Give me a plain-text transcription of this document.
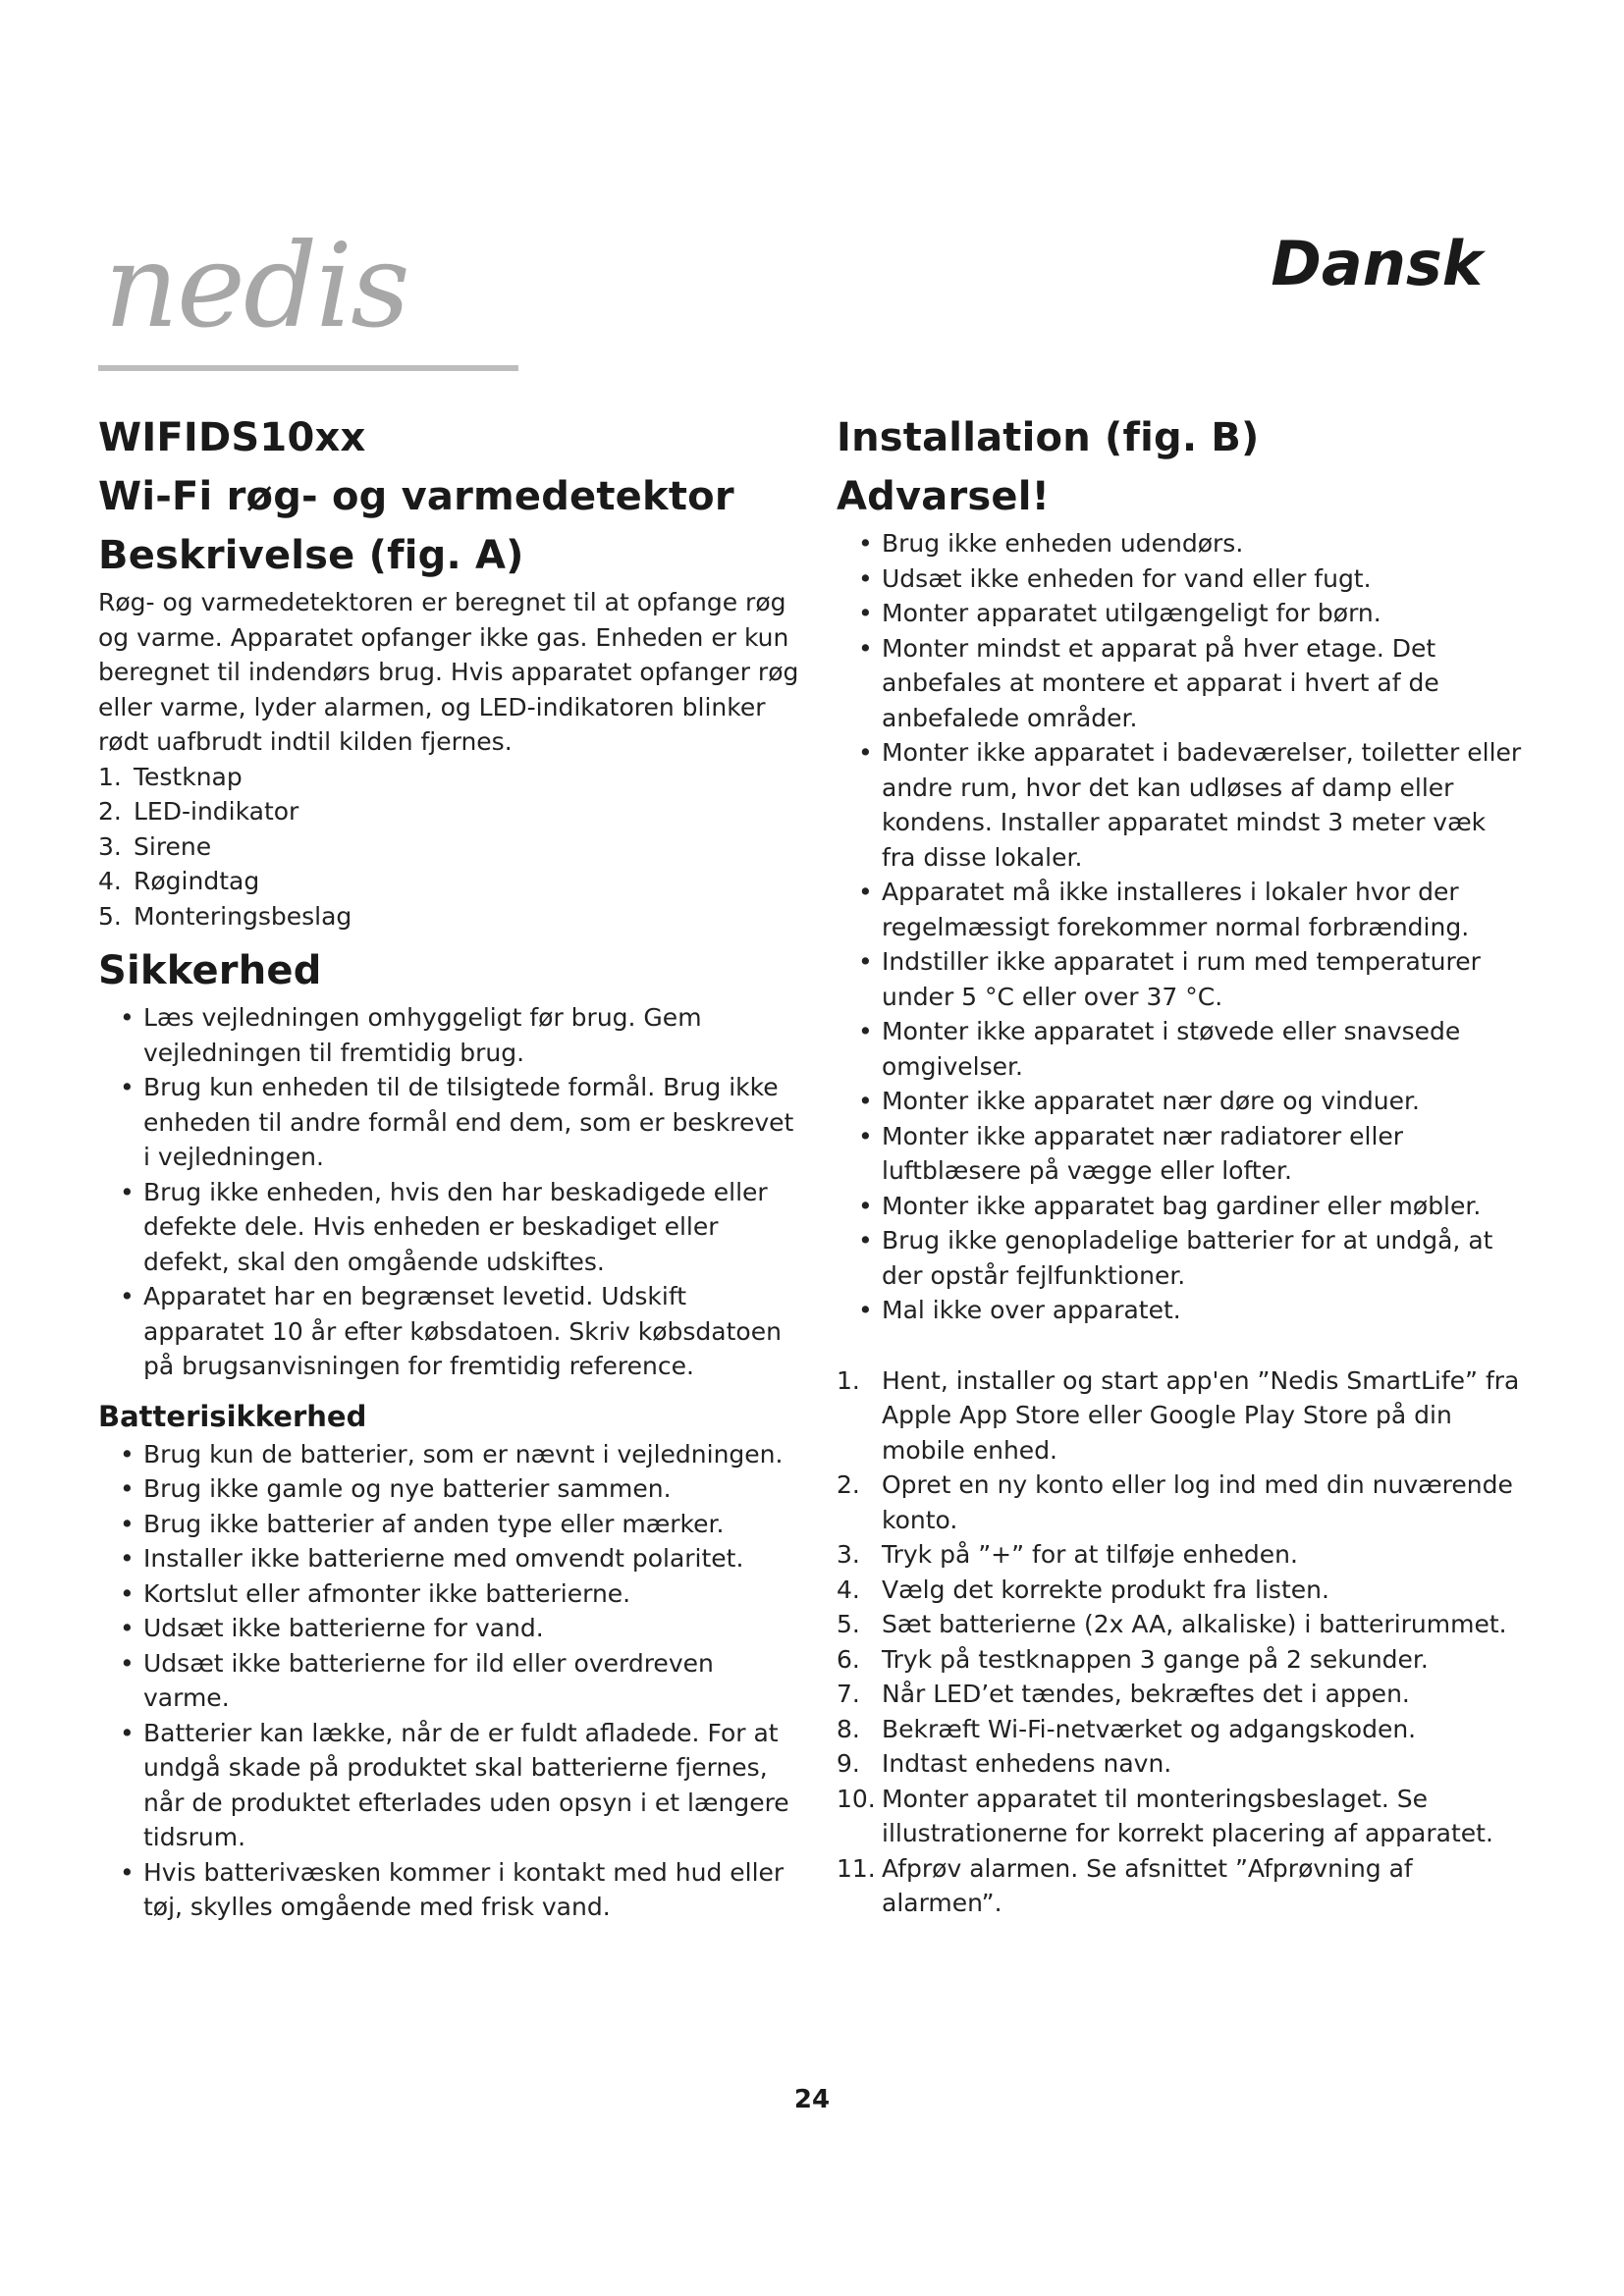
nedis	Dansk
WIFIDS10xx
Wi-Fi røg- og varmedetektor
Beskrivelse (fig. A)

Røg- og varmedetektoren er beregnet til at opfange røg og varme. Apparatet opfanger ikke gas. Enheden er kun beregnet til indendørs brug. Hvis apparatet opfanger røg eller varme, lyder alarmen, og LED-indikatoren blinker rødt uafbrudt indtil kilden fjernes.

1. Testknap
2. LED-indikator
3. Sirene
4. Røgindtag
5. Monteringsbeslag
Sikkerhed
• Læs vejledningen omhyggeligt før brug. Gem vejledningen til fremtidig brug.
• Brug kun enheden til de tilsigtede formål. Brug ikke enheden til andre formål end dem, som er beskrevet i vejledningen.
• Brug ikke enheden, hvis den har beskadigede eller defekte dele. Hvis enheden er beskadiget eller defekt, skal den omgående udskiftes.
• Apparatet har en begrænset levetid. Udskift apparatet 10 år efter købsdatoen. Skriv købsdatoen på brugsanvisningen for fremtidig reference.
Batterisikkerhed
• Brug kun de batterier, som er nævnt i vejledningen.
• Brug ikke gamle og nye batterier sammen.
• Brug ikke batterier af anden type eller mærker.
• Installer ikke batterierne med omvendt polaritet.
• Kortslut eller afmonter ikke batterierne.
• Udsæt ikke batterierne for vand.
• Udsæt ikke batterierne for ild eller overdreven varme.
• Batterier kan lække, når de er fuldt afladede. For at undgå skade på produktet skal batterierne fjernes, når de produktet efterlades uden opsyn i et længere tidsrum.
• Hvis batterivæsken kommer i kontakt med hud eller tøj, skylles omgående med frisk vand.
Installation (fig. B)
Advarsel!
• Brug ikke enheden udendørs.
• Udsæt ikke enheden for vand eller fugt.
• Monter apparatet utilgængeligt for børn.
• Monter mindst et apparat på hver etage. Det anbefales at montere et apparat i hvert af de anbefalede områder.
• Monter ikke apparatet i badeværelser, toiletter eller andre rum, hvor det kan udløses af damp eller kondens. Installer apparatet mindst 3 meter væk fra disse lokaler.
• Apparatet må ikke installeres i lokaler hvor der regelmæssigt forekommer normal forbrænding.
• Indstiller ikke apparatet i rum med temperaturer under 5 °C eller over 37 °C.
• Monter ikke apparatet i støvede eller snavsede omgivelser.
• Monter ikke apparatet nær døre og vinduer.
• Monter ikke apparatet nær radiatorer eller luftblæsere på vægge eller lofter.
• Monter ikke apparatet bag gardiner eller møbler.
• Brug ikke genopladelige batterier for at undgå, at der opstår fejlfunktioner.
• Mal ikke over apparatet.
1. Hent, installer og start app'en ”Nedis SmartLife” fra Apple App Store eller Google Play Store på din mobile enhed.
2. Opret en ny konto eller log ind med din nuværende konto.
3. Tryk på ”+” for at tilføje enheden.
4. Vælg det korrekte produkt fra listen.
5. Sæt batterierne (2x AA, alkaliske) i batterirummet.
6. Tryk på testknappen 3 gange på 2 sekunder.
7. Når LED’et tændes, bekræftes det i appen.
8. Bekræft Wi-Fi-netværket og adgangskoden.
9. Indtast enhedens navn.
10. Monter apparatet til monteringsbeslaget. Se illustrationerne for korrekt placering af apparatet.
11. Afprøv alarmen. Se afsnittet ”Afprøvning af alarmen”.
24
